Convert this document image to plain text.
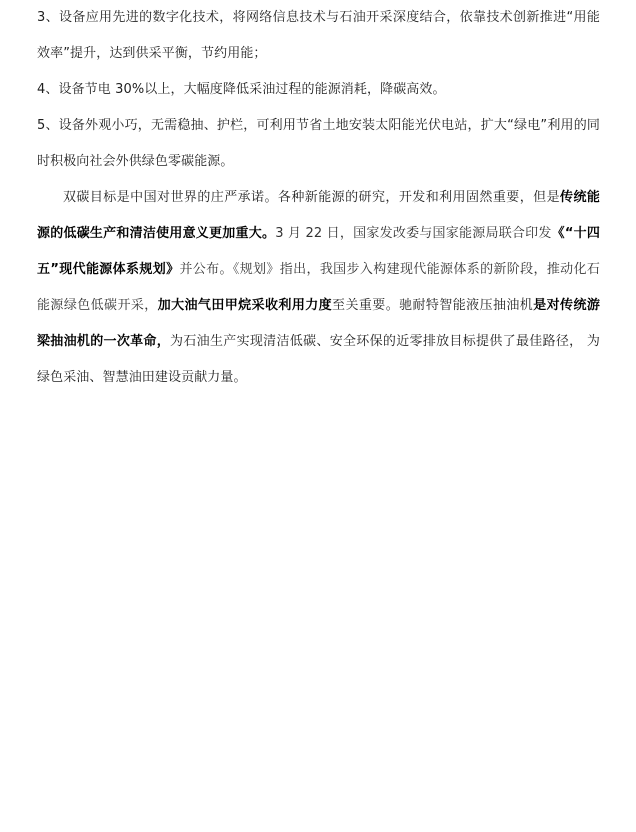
3、设备应用先进的数字化技术，将网络信息技术与石油开采深度结合，依靠技术创新推进“用能效率”提升，达到供采平衡，节约用能；

4、设备节电 30%以上，大幅度降低采油过程的能源消耗，降碳高效。

5、设备外观小巧，无需稳抽、护栏，可利用节省土地安装太阳能光伏电站，扩大“绿电”利用的同时积极向社会外供绿色零碳能源。

双碳目标是中国对世界的庄严承诺。各种新能源的研究，开发和利用固然重要，但是传统能源的低碳生产和清洁使用意义更加重大。3 月 22 日，国家发改委与国家能源局联合印发《“十四五”现代能源体系规划》并公布。《规划》指出，我国步入构建现代能源体系的新阶段，推动化石能源绿色低碳开采，加大油气田甲烷采收利用力度至关重要。驰耐特智能液压抽油机是对传统游梁抽油机的一次革命，为石油生产实现清洁低碳、安全环保的近零排放目标提供了最佳路径， 为绿色采油、智慧油田建设贡献力量。
